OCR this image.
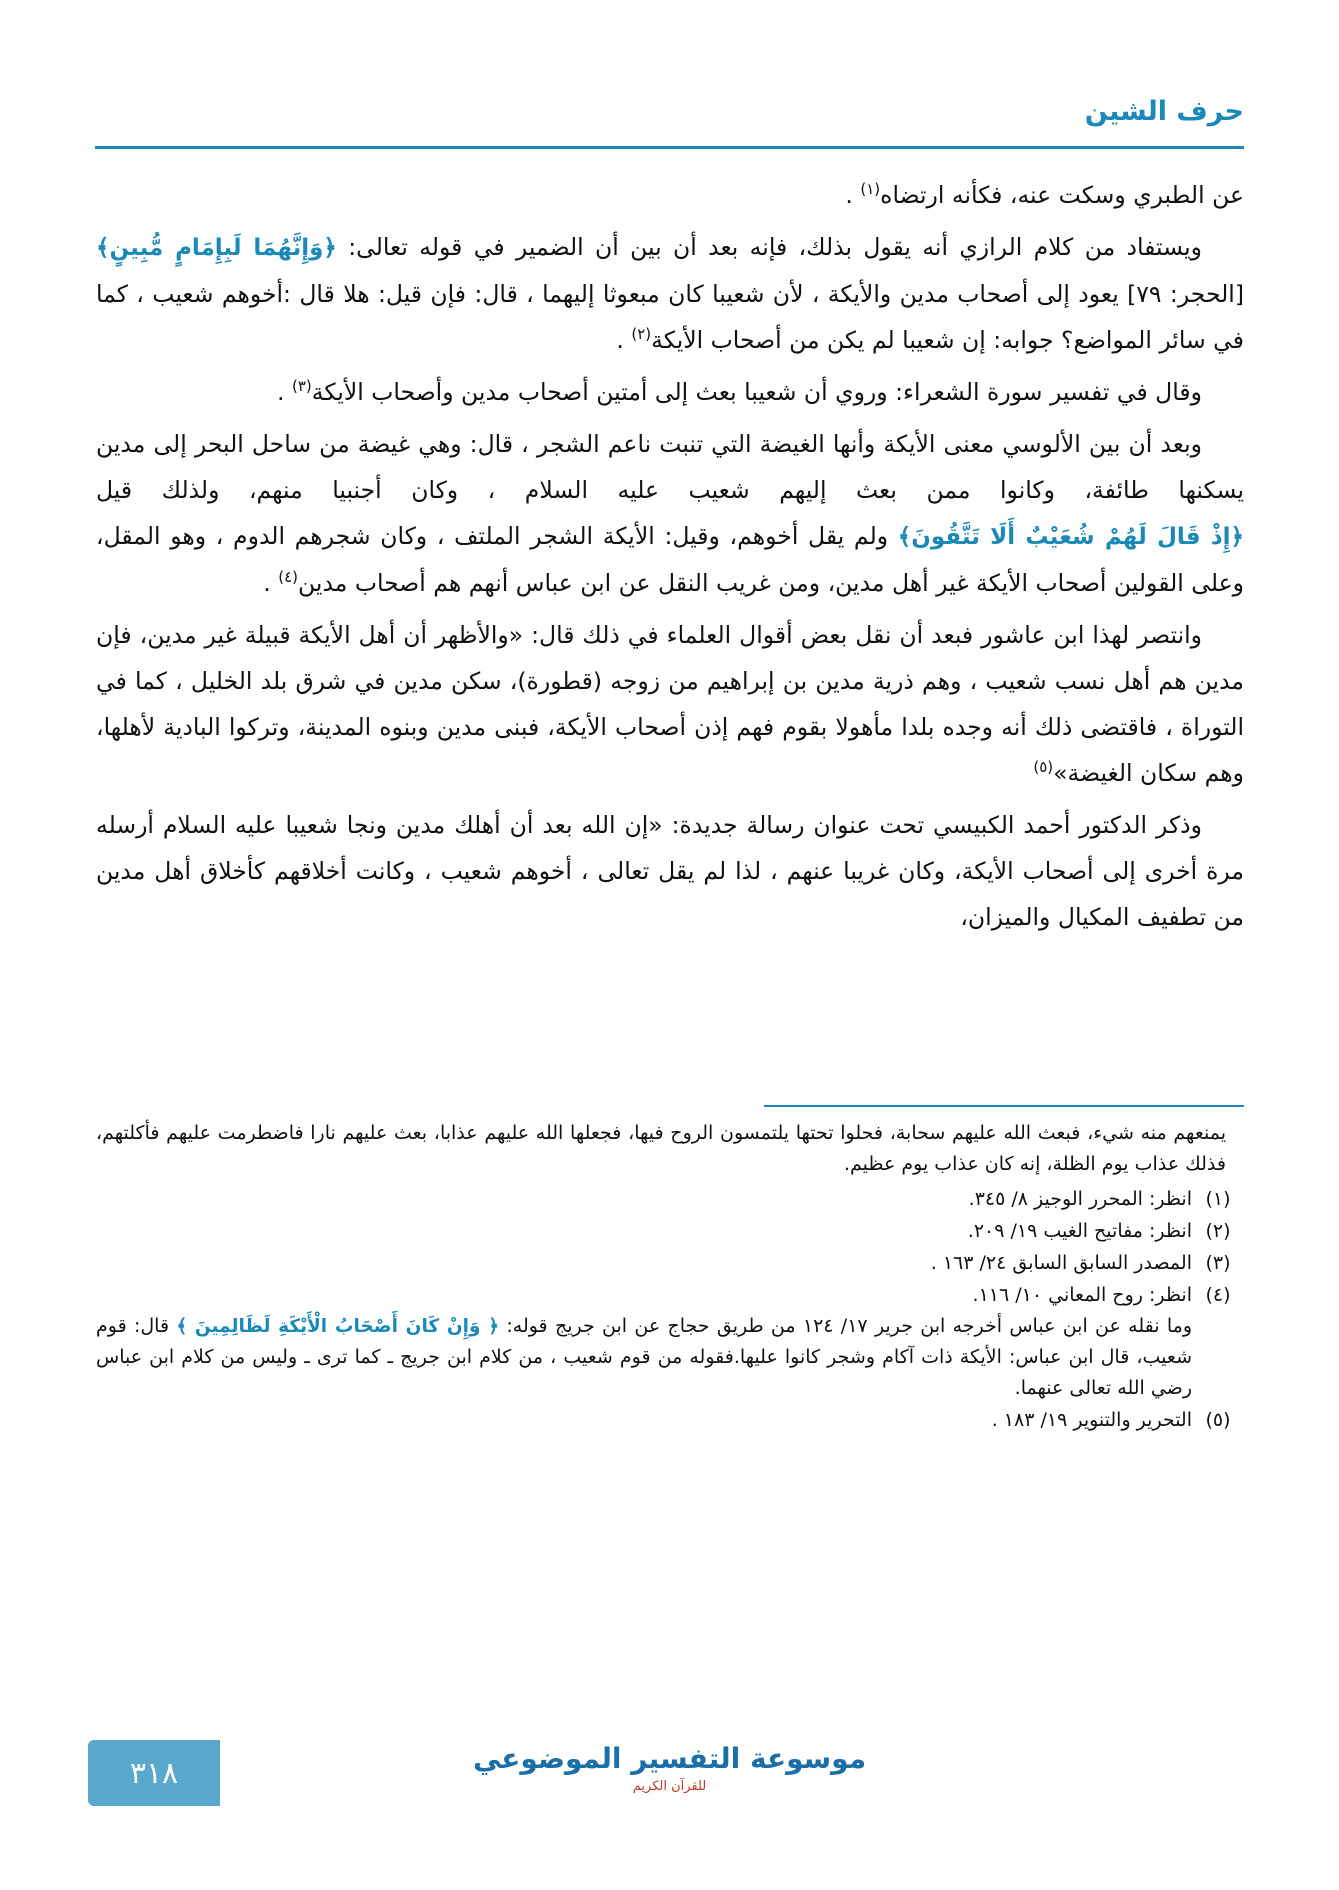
حرف الشين

عن الطبري وسكت عنه، فكأنه ارتضاه$^{(١)}$ .

ويستفاد من كلام الرازي أنه يقول بذلك، فإنه بعد أن بين أن الضمير في قوله تعالى: ﴿وَإِنَّهُمَا لَبِإِمَامٍ مُّبِينٍ﴾ [الحجر: ٧٩] يعود إلى أصحاب مدين والأيكة ، لأن شعيبا كان مبعوثا إليهما ، قال: فإن قيل: هلا قال :أخوهم شعيب ، كما في سائر المواضع؟ جوابه: إن شعيبا لم يكن من أصحاب الأيكة$^{(٢)}$ .

وقال في تفسير سورة الشعراء: وروي أن شعيبا بعث إلى أمتين أصحاب مدين وأصحاب الأيكة$^{(٣)}$ .

وبعد أن بين الألوسي معنى الأيكة وأنها الغيضة التي تنبت ناعم الشجر ، قال: وهي غيضة من ساحل البحر إلى مدين يسكنها طائفة، وكانوا ممن بعث إليهم شعيب عليه السلام ، وكان أجنبيا منهم، ولذلك قيل ﴿إِذْ قَالَ لَهُمْ شُعَيْبٌ أَلَا تَتَّقُونَ﴾ ولم يقل أخوهم، وقيل: الأيكة الشجر الملتف ، وكان شجرهم الدوم ، وهو المقل، وعلى القولين أصحاب الأيكة غير أهل مدين، ومن غريب النقل عن ابن عباس أنهم هم أصحاب مدين$^{(٤)}$ .

وانتصر لهذا ابن عاشور فبعد أن نقل بعض أقوال العلماء في ذلك قال: «والأظهر أن أهل الأيكة قبيلة غير مدين، فإن مدين هم أهل نسب شعيب ، وهم ذرية مدين بن إبراهيم من زوجه (قطورة)، سكن مدين في شرق بلد الخليل ، كما في التوراة ، فاقتضى ذلك أنه وجده بلدا مأهولا بقوم فهم إذن أصحاب الأيكة، فبنى مدين وبنوه المدينة، وتركوا البادية لأهلها، وهم سكان الغيضة»$^{(٥)}$

وذكر الدكتور أحمد الكبيسي تحت عنوان رسالة جديدة: «إن الله بعد أن أهلك مدين ونجا شعيبا عليه السلام أرسله مرة أخرى إلى أصحاب الأيكة، وكان غريبا عنهم ، لذا لم يقل تعالى ، أخوهم شعيب ، وكانت أخلاقهم كأخلاق أهل مدين من تطفيف المكيال والميزان،

يمنعهم منه شيء، فبعث الله عليهم سحابة، فحلوا تحتها يلتمسون الروح فيها، فجعلها الله عليهم عذابا، بعث عليهم نارا فاضطرمت عليهم فأكلتهم، فذلك عذاب يوم الظلة، إنه كان عذاب يوم عظيم.
(١)
انظر: المحرر الوجيز ٨/ ٣٤٥.
(٢)
انظر: مفاتيح الغيب ١٩/ ٢٠٩.
(٣)
المصدر السابق السابق ٢٤/ ١٦٣ .
(٤)
انظر: روح المعاني ١٠/ ١١٦.
وما نقله عن ابن عباس أخرجه ابن جرير ١٧/ ١٢٤ من طريق حجاج عن ابن جريج قوله: ﴿ وَإِنْ كَانَ أَصْحَابُ الْأَيْكَةِ لَظَالِمِينَ ﴾ قال: قوم شعيب، قال ابن عباس: الأيكة ذات آكام وشجر كانوا عليها.فقوله من قوم شعيب ، من كلام ابن جريج ـ كما ترى ـ وليس من كلام ابن عباس رضي الله تعالى عنهما.
(٥)
التحرير والتنوير ١٩/ ١٨٣ .
موسوعة التفسير الموضوعي
للقرآن الكريم
٣١٨
